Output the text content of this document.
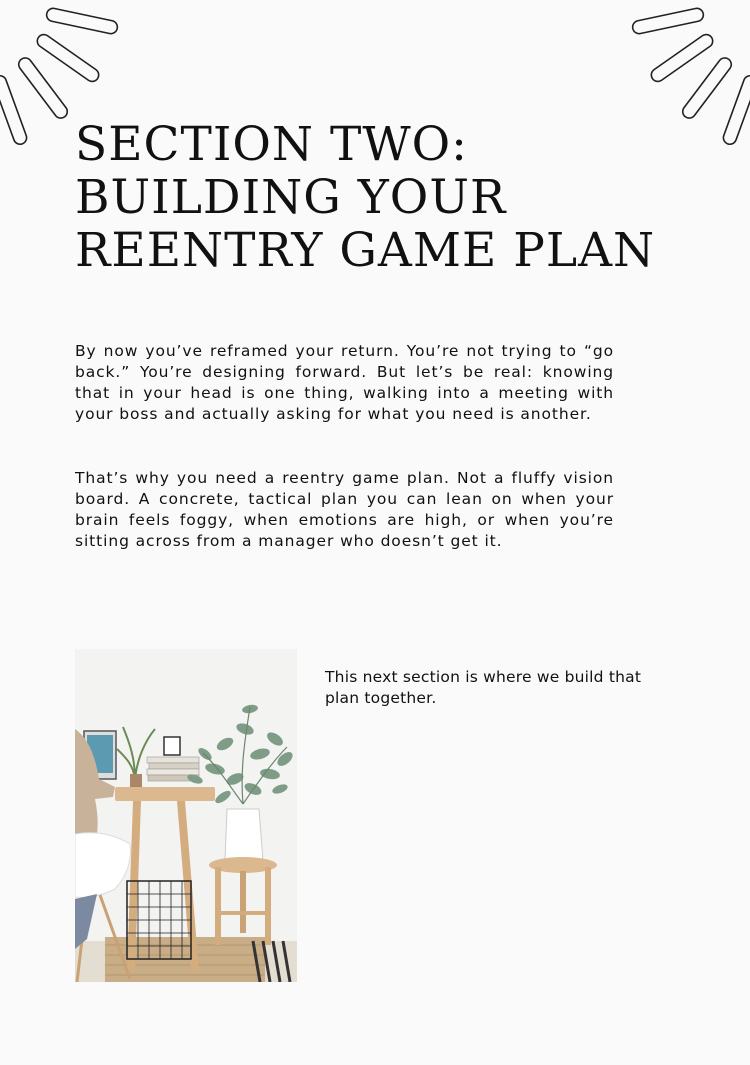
SECTION TWO:
BUILDING YOUR
REENTRY GAME PLAN

By now you’ve reframed your return. You’re not trying to “go back.” You’re designing forward. But let’s be real: knowing that in your head is one thing, walking into a meeting with your boss and actually asking for what you need is another.

That’s why you need a reentry game plan. Not a fluffy vision board. A concrete, tactical plan you can lean on when your brain feels foggy, when emotions are high, or when you’re sitting across from a manager who doesn’t get it.

This next section is where we build that plan together.
